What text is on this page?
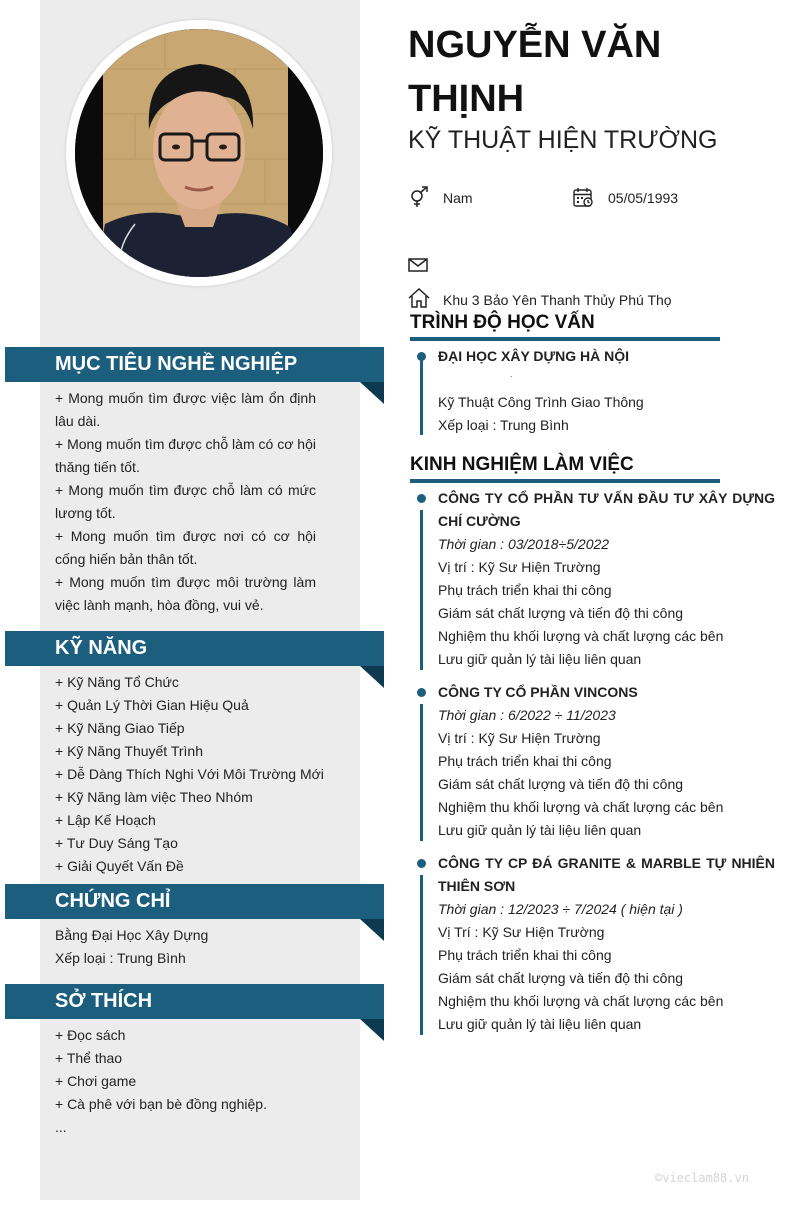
MỤC TIÊU NGHỀ NGHIỆP
+ Mong muốn tìm được việc làm ổn định lâu dài.
+ Mong muốn tìm được chỗ làm có cơ hội thăng tiến tốt.
+ Mong muốn tìm được chỗ làm có mức lương tốt.
+ Mong muốn tìm được nơi có cơ hội cống hiến bản thân tốt.
+ Mong muốn tìm được môi trường làm việc lành mạnh, hòa đồng, vui vẻ.
KỸ NĂNG
+ Kỹ Năng Tổ Chức
+ Quản Lý Thời Gian Hiệu Quả
+ Kỹ Năng Giao Tiếp
+ Kỹ Năng Thuyết Trình
+ Dễ Dàng Thích Nghi Với Môi Trường Mới
+ Kỹ Năng làm việc Theo Nhóm
+ Lập Kế Hoạch
+ Tư Duy Sáng Tạo
+ Giải Quyết Vấn Đề
CHỨNG CHỈ
Bằng Đại Học Xây Dựng
Xếp loại : Trung Bình
SỞ THÍCH
+ Đọc sách
+ Thể thao
+ Chơi game
+ Cà phê với bạn bè đồng nghiệp.
...
NGUYỄN VĂN THỊNH
KỸ THUẬT HIỆN TRƯỜNG
Nam	05/05/1993
Khu 3 Bảo Yên Thanh Thủy Phú Thọ
TRÌNH ĐỘ HỌC VẤN
ĐẠI HỌC XÂY DỰNG HÀ NỘI
.
Kỹ Thuật Công Trình Giao Thông
Xếp loại : Trung Bình
KINH NGHIỆM LÀM VIỆC
CÔNG TY CỔ PHẦN TƯ VẤN ĐẦU TƯ XÂY DỰNG CHÍ CƯỜNG
Thời gian : 03/2018÷5/2022
Vị trí : Kỹ Sư Hiện Trường
Phụ trách triển khai thi công
Giám sát chất lượng và tiến độ thi công
Nghiệm thu khối lượng và chất lượng các bên
Lưu giữ quản lý tài liệu liên quan
CÔNG TY CỔ PHẦN VINCONS
Thời gian : 6/2022 ÷ 11/2023
Vị trí : Kỹ Sư Hiện Trường
Phụ trách triển khai thi công
Giám sát chất lượng và tiến độ thi công
Nghiệm thu khối lượng và chất lượng các bên
Lưu giữ quản lý tài liệu liên quan
CÔNG TY CP ĐÁ GRANITE & MARBLE TỰ NHIÊN THIÊN SƠN
Thời gian : 12/2023 ÷ 7/2024 ( hiện tại )
Vị Trí : Kỹ Sư Hiện Trường
Phụ trách triển khai thi công
Giám sát chất lượng và tiến độ thi công
Nghiệm thu khối lượng và chất lượng các bên
Lưu giữ quản lý tài liệu liên quan
©vieclam88.vn
